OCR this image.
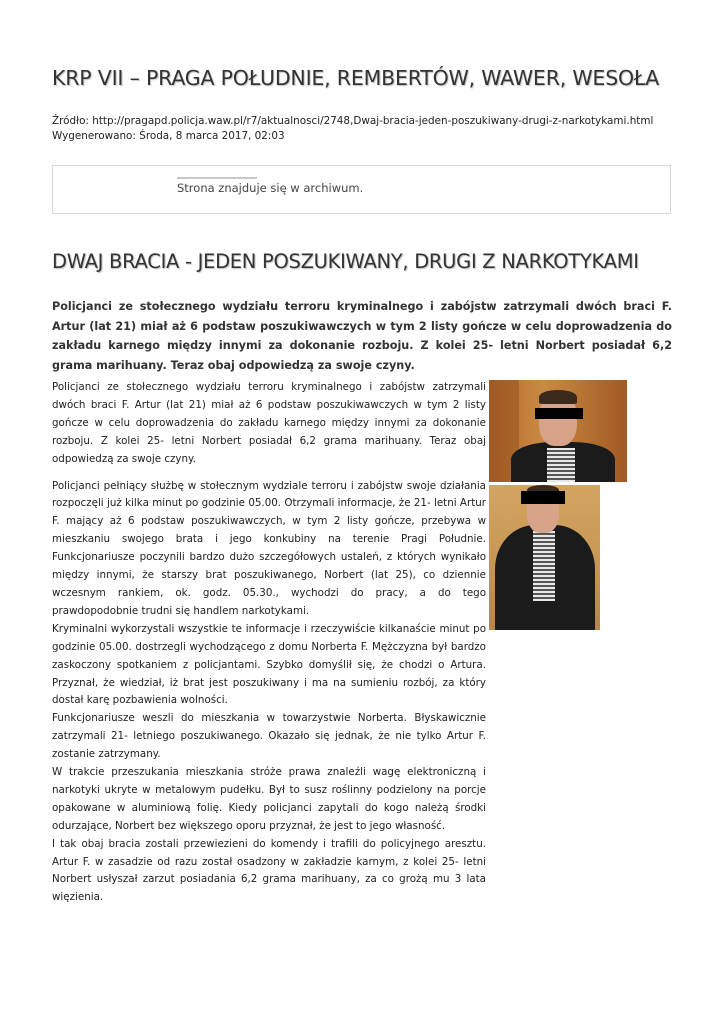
KRP VII – PRAGA POŁUDNIE, REMBERTÓW, WAWER, WESOŁA
Źródło: http://pragapd.policja.waw.pl/r7/aktualnosci/2748,Dwaj-bracia-jeden-poszukiwany-drugi-z-narkotykami.html
Wygenerowano: Środa, 8 marca 2017, 02:03
Strona znajduje się w archiwum.
DWAJ BRACIA - JEDEN POSZUKIWANY, DRUGI Z NARKOTYKAMI

Policjanci ze stołecznego wydziału terroru kryminalnego i zabójstw zatrzymali dwóch braci F. Artur (lat 21) miał aż 6 podstaw poszukiwawczych w tym 2 listy gończe w celu doprowadzenia do zakładu karnego między innymi za dokonanie rozboju. Z kolei 25- letni Norbert posiadał 6,2 grama marihuany. Teraz obaj odpowiedzą za swoje czyny.

Policjanci ze stołecznego wydziału terroru kryminalnego i zabójstw zatrzymali dwóch braci F. Artur (lat 21) miał aż 6 podstaw poszukiwawczych w tym 2 listy gończe w celu doprowadzenia do zakładu karnego między innymi za dokonanie rozboju. Z kolei 25- letni Norbert posiadał 6,2 grama marihuany. Teraz obaj odpowiedzą za swoje czyny.

Policjanci pełniący służbę w stołecznym wydziale terroru i zabójstw swoje działania rozpoczęli już kilka minut po godzinie 05.00. Otrzymali informacje, że 21- letni Artur F. mający aż 6 podstaw poszukiwawczych, w tym 2 listy gończe, przebywa w mieszkaniu swojego brata i jego konkubiny na terenie Pragi Południe. Funkcjonariusze poczynili bardzo dużo szczegółowych ustaleń, z których wynikało między innymi, że starszy brat poszukiwanego, Norbert (lat 25), co dziennie wczesnym rankiem, ok. godz. 05.30., wychodzi do pracy, a do tego prawdopodobnie trudni się handlem narkotykami.

Kryminalni wykorzystali wszystkie te informacje i rzeczywiście kilkanaście minut po godzinie 05.00. dostrzegli wychodzącego z domu Norberta F. Mężczyzna był bardzo zaskoczony spotkaniem z policjantami. Szybko domyślił się, że chodzi o Artura. Przyznał, że wiedział, iż brat jest poszukiwany i ma na sumieniu rozbój, za który dostał karę pozbawienia wolności.

Funkcjonariusze weszli do mieszkania w towarzystwie Norberta. Błyskawicznie zatrzymali 21- letniego poszukiwanego. Okazało się jednak, że nie tylko Artur F. zostanie zatrzymany.

W trakcie przeszukania mieszkania stróże prawa znaleźli wagę elektroniczną i narkotyki ukryte w metalowym pudełku. Był to susz roślinny podzielony na porcje opakowane w aluminiową folię. Kiedy policjanci zapytali do kogo należą środki odurzające, Norbert bez większego oporu przyznał, że jest to jego własność.

I tak obaj bracia zostali przewiezieni do komendy i trafili do policyjnego aresztu. Artur F. w zasadzie od razu został osadzony w zakładzie karnym, z kolei 25- letni Norbert usłyszał zarzut posiadania 6,2 grama marihuany, za co grożą mu 3 lata więzienia.
